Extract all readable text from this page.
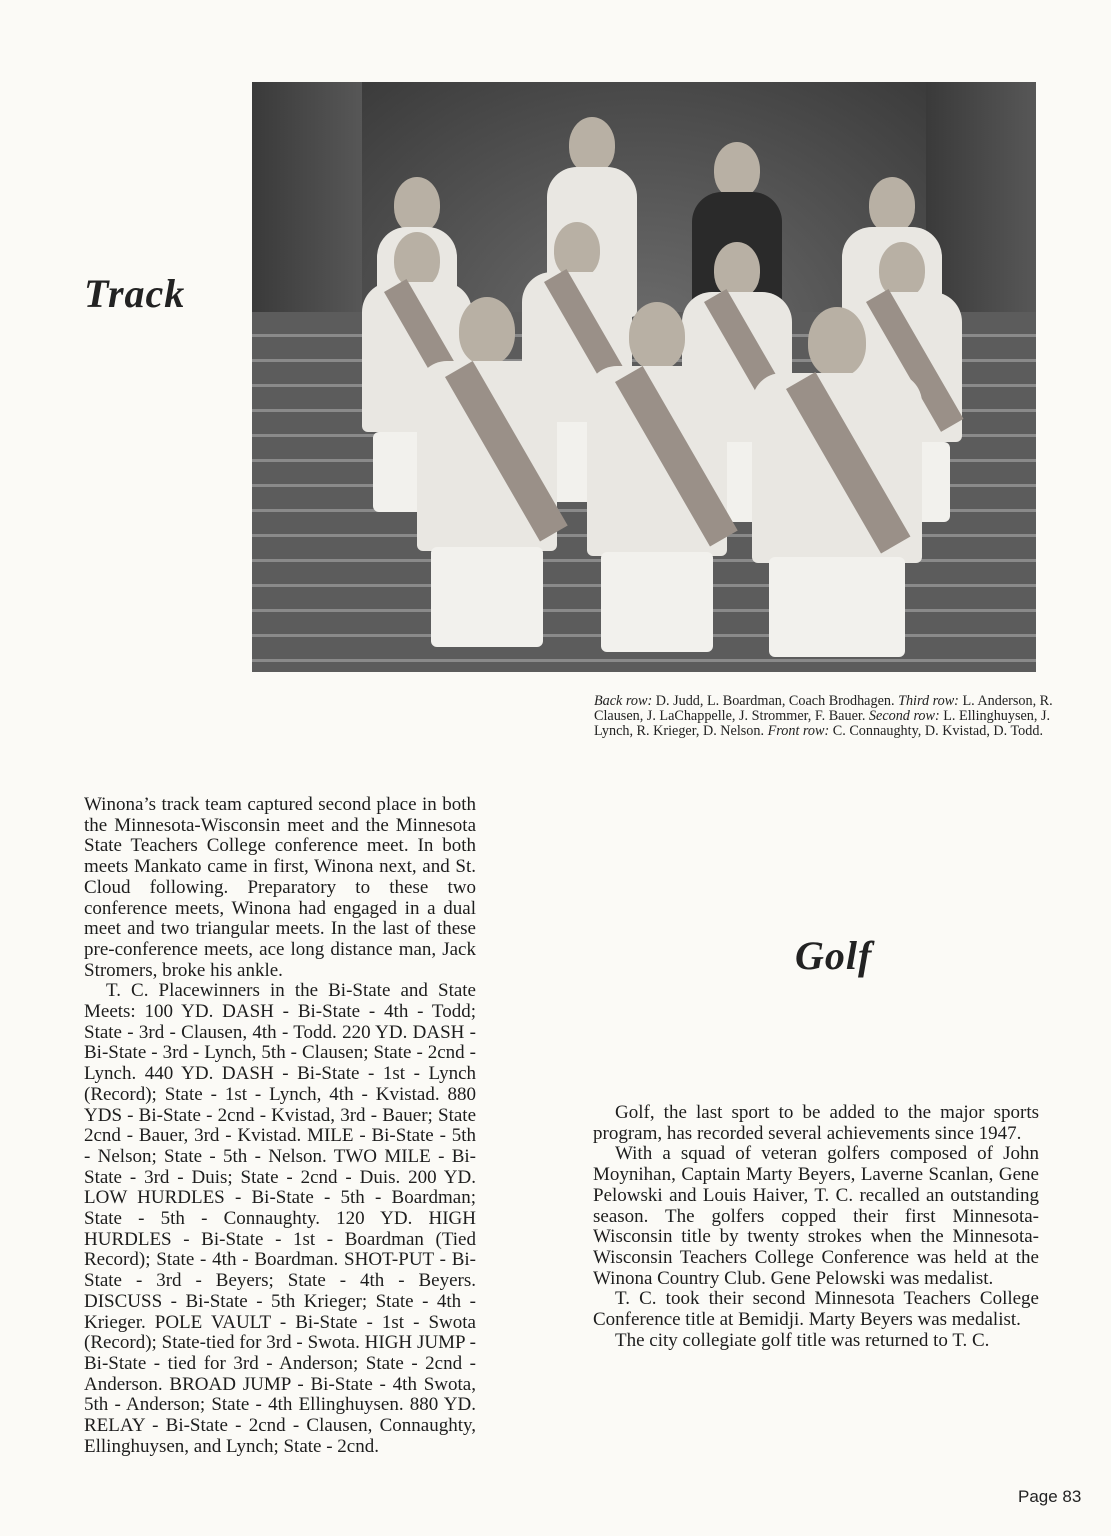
Track

Back row: D. Judd, L. Boardman, Coach Brodhagen. Third row: L. Anderson, R. Clausen, J. LaChappelle, J. Strommer, F. Bauer. Second row: L. Ellinghuysen, J. Lynch, R. Krieger, D. Nelson. Front row: C. Connaughty, D. Kvistad, D. Todd.

Winona’s track team captured second place in both the Minnesota-Wisconsin meet and the Minnesota State Teachers College conference meet. In both meets Mankato came in first, Winona next, and St. Cloud following. Preparatory to these two conference meets, Winona had engaged in a dual meet and two triangular meets. In the last of these pre-conference meets, ace long distance man, Jack Stromers, broke his ankle.

T. C. Placewinners in the Bi-State and State Meets: 100 YD. DASH - Bi-State - 4th - Todd; State - 3rd - Clausen, 4th - Todd. 220 YD. DASH - Bi-State - 3rd - Lynch, 5th - Clausen; State - 2cnd - Lynch. 440 YD. DASH - Bi-State - 1st - Lynch (Record); State - 1st - Lynch, 4th - Kvistad. 880 YDS - Bi-State - 2cnd - Kvistad, 3rd - Bauer; State 2cnd - Bauer, 3rd - Kvistad. MILE - Bi-State - 5th - Nelson; State - 5th - Nelson. TWO MILE - Bi-State - 3rd - Duis; State - 2cnd - Duis. 200 YD. LOW HURDLES - Bi-State - 5th - Boardman; State - 5th - Connaughty. 120 YD. HIGH HURDLES - Bi-State - 1st - Boardman (Tied Record); State - 4th - Boardman. SHOT-PUT - Bi-State - 3rd - Beyers; State - 4th - Beyers. DISCUSS - Bi-State - 5th Krieger; State - 4th - Krieger. POLE VAULT - Bi-State - 1st - Swota (Record); State-tied for 3rd - Swota. HIGH JUMP - Bi-State - tied for 3rd - Anderson; State - 2cnd - Anderson. BROAD JUMP - Bi-State - 4th Swota, 5th - Anderson; State - 4th Ellinghuysen. 880 YD. RELAY - Bi-State - 2cnd - Clausen, Connaughty, Ellinghuysen, and Lynch; State - 2cnd.

Golf

Golf, the last sport to be added to the major sports program, has recorded several achievements since 1947.

With a squad of veteran golfers composed of John Moynihan, Captain Marty Beyers, Laverne Scanlan, Gene Pelowski and Louis Haiver, T. C. recalled an outstanding season. The golfers copped their first Minnesota-Wisconsin title by twenty strokes when the Minnesota-Wisconsin Teachers College Conference was held at the Winona Country Club. Gene Pelowski was medalist.

T. C. took their second Minnesota Teachers College Conference title at Bemidji. Marty Beyers was medalist.

The city collegiate golf title was returned to T. C.

Page 83
